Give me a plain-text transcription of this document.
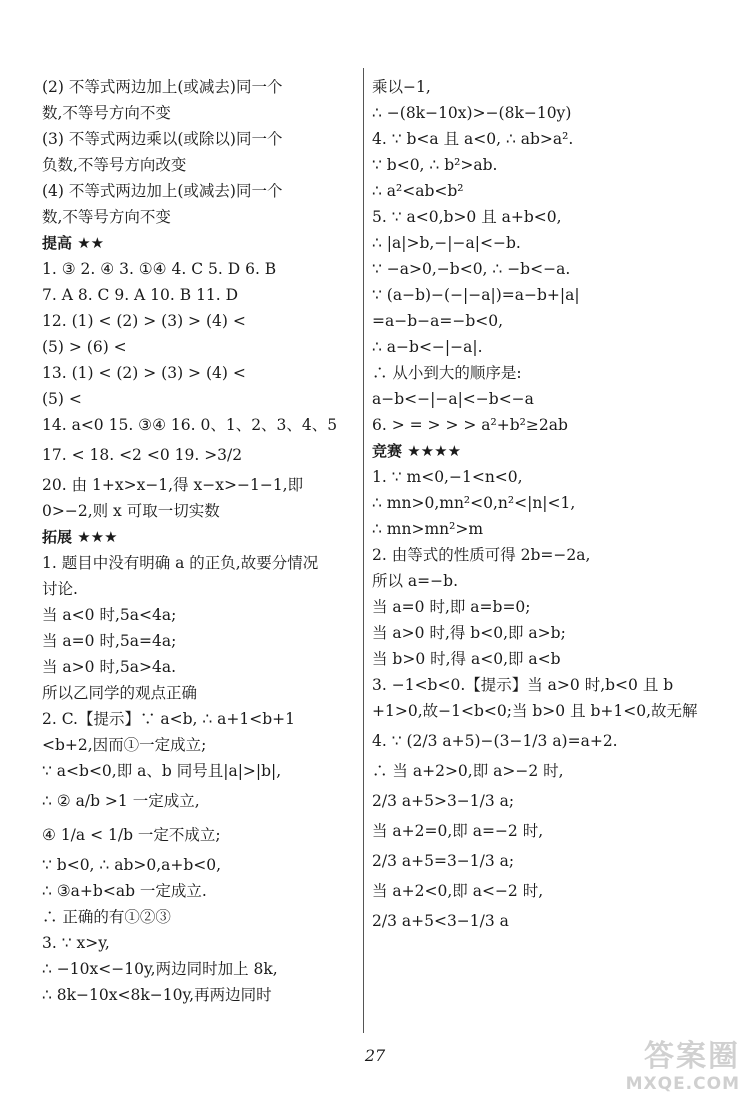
(2) 不等式两边加上(或减去)同一个
数,不等号方向不变
(3) 不等式两边乘以(或除以)同一个
负数,不等号方向改变
(4) 不等式两边加上(或减去)同一个
数,不等号方向不变
提高 ★★
1. ③ 2. ④ 3. ①④ 4. C 5. D 6. B
7. A 8. C 9. A 10. B 11. D
12. (1) < (2) > (3) > (4) <
(5) > (6) <
13. (1) < (2) > (3) > (4) <
(5) <
14. a<0 15. ③④ 16. 0、1、2、3、4、5
17. < 18. <2 <0 19. >3/2
20. 由 1+x>x−1,得 x−x>−1−1,即
0>−2,则 x 可取一切实数
拓展 ★★★
1. 题目中没有明确 a 的正负,故要分情况
讨论.
当 a<0 时,5a<4a;
当 a=0 时,5a=4a;
当 a>0 时,5a>4a.
所以乙同学的观点正确
2. C.【提示】∵ a<b, ∴ a+1<b+1
<b+2,因而①一定成立;
∵ a<b<0,即 a、b 同号且|a|>|b|,
∴ ② a/b >1 一定成立,
④ 1/a < 1/b 一定不成立;
∵ b<0, ∴ ab>0,a+b<0,
∴ ③a+b<ab 一定成立.
∴ 正确的有①②③
3. ∵ x>y,
∴ −10x<−10y,两边同时加上 8k,
∴ 8k−10x<8k−10y,再两边同时
乘以−1,
∴ −(8k−10x)>−(8k−10y)
4. ∵ b<a 且 a<0, ∴ ab>a².
∵ b<0, ∴ b²>ab.
∴ a²<ab<b²
5. ∵ a<0,b>0 且 a+b<0,
∴ |a|>b,−|−a|<−b.
∵ −a>0,−b<0, ∴ −b<−a.
∵ (a−b)−(−|−a|)=a−b+|a|
=a−b−a=−b<0,
∴ a−b<−|−a|.
∴ 从小到大的顺序是:
a−b<−|−a|<−b<−a
6. > = > > > a²+b²≥2ab
竞赛 ★★★★
1. ∵ m<0,−1<n<0,
∴ mn>0,mn²<0,n²<|n|<1,
∴ mn>mn²>m
2. 由等式的性质可得 2b=−2a,
所以 a=−b.
当 a=0 时,即 a=b=0;
当 a>0 时,得 b<0,即 a>b;
当 b>0 时,得 a<0,即 a<b
3. −1<b<0.【提示】当 a>0 时,b<0 且 b
+1>0,故−1<b<0;当 b>0 且 b+1<0,故无解
4. ∵ (2/3 a+5)−(3−1/3 a)=a+2.
∴ 当 a+2>0,即 a>−2 时,
2/3 a+5>3−1/3 a;
当 a+2=0,即 a=−2 时,
2/3 a+5=3−1/3 a;
当 a+2<0,即 a<−2 时,
2/3 a+5<3−1/3 a
27	答案圈
MXQE.COM
